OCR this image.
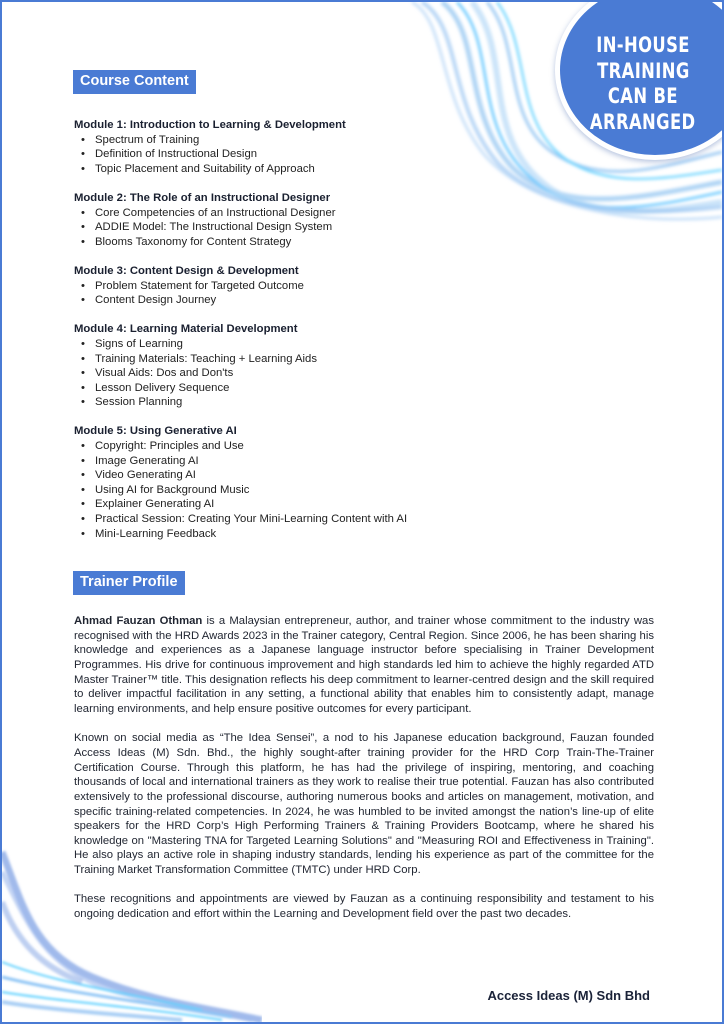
IN-HOUSE
TRAINING
CAN BE
ARRANGED
Course Content
Module 1: Introduction to Learning & Development
• Spectrum of Training
• Definition of Instructional Design
• Topic Placement and Suitability of Approach
Module 2: The Role of an Instructional Designer
• Core Competencies of an Instructional Designer
• ADDIE Model: The Instructional Design System
• Blooms Taxonomy for Content Strategy
Module 3: Content Design & Development
• Problem Statement for Targeted Outcome
• Content Design Journey
Module 4: Learning Material Development
• Signs of Learning
• Training Materials: Teaching + Learning Aids
• Visual Aids: Dos and Don'ts
• Lesson Delivery Sequence
• Session Planning
Module 5: Using Generative AI
• Copyright: Principles and Use
• Image Generating AI
• Video Generating AI
• Using AI for Background Music
• Explainer Generating AI
• Practical Session: Creating Your Mini-Learning Content with AI
• Mini-Learning Feedback
Trainer Profile

Ahmad Fauzan Othman is a Malaysian entrepreneur, author, and trainer whose commitment to the industry was recognised with the HRD Awards 2023 in the Trainer category, Central Region. Since 2006, he has been sharing his knowledge and experiences as a Japanese language instructor before specialising in Trainer Development Programmes. His drive for continuous improvement and high standards led him to achieve the highly regarded ATD Master Trainer™ title. This designation reflects his deep commitment to learner-centred design and the skill required to deliver impactful facilitation in any setting, a functional ability that enables him to consistently adapt, manage learning environments, and help ensure positive outcomes for every participant.

Known on social media as “The Idea Sensei”, a nod to his Japanese education background, Fauzan founded Access Ideas (M) Sdn. Bhd., the highly sought-after training provider for the HRD Corp Train-The-Trainer Certification Course. Through this platform, he has had the privilege of inspiring, mentoring, and coaching thousands of local and international trainers as they work to realise their true potential. Fauzan has also contributed extensively to the professional discourse, authoring numerous books and articles on management, motivation, and specific training-related competencies. In 2024, he was humbled to be invited amongst the nation’s line-up of elite speakers for the HRD Corp’s High Performing Trainers & Training Providers Bootcamp, where he shared his knowledge on "Mastering TNA for Targeted Learning Solutions" and "Measuring ROI and Effectiveness in Training". He also plays an active role in shaping industry standards, lending his experience as part of the committee for the Training Market Transformation Committee (TMTC) under HRD Corp.

These recognitions and appointments are viewed by Fauzan as a continuing responsibility and testament to his ongoing dedication and effort within the Learning and Development field over the past two decades.

Access Ideas (M) Sdn Bhd
